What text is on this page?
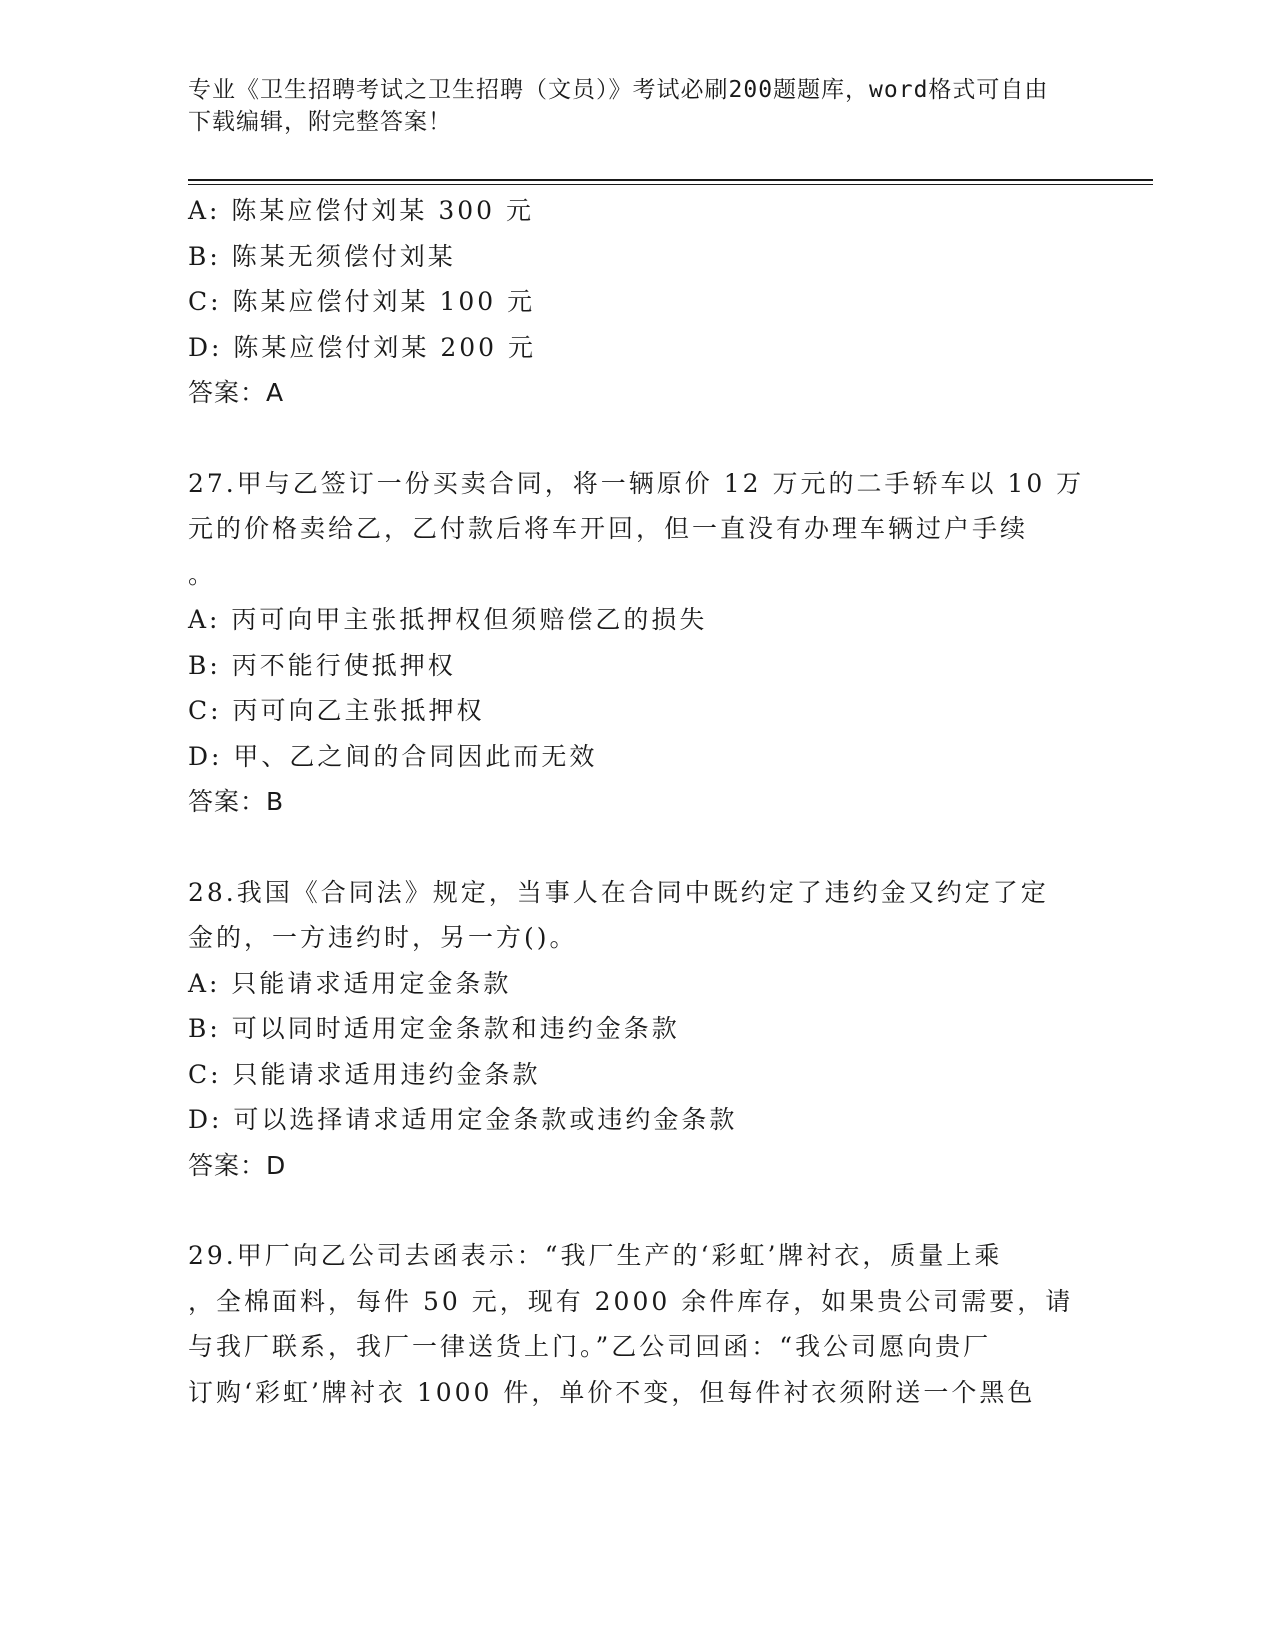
专业《卫生招聘考试之卫生招聘（文员）》考试必刷200题题库，word格式可自由下载编辑，附完整答案！
A: 陈某应偿付刘某 300 元
B: 陈某无须偿付刘某
C: 陈某应偿付刘某 100 元
D: 陈某应偿付刘某 200 元
答案：A
27.甲与乙签订一份买卖合同，将一辆原价 12 万元的二手轿车以 10 万
元的价格卖给乙，乙付款后将车开回，但一直没有办理车辆过户手续
。
A: 丙可向甲主张抵押权但须赔偿乙的损失
B: 丙不能行使抵押权
C: 丙可向乙主张抵押权
D: 甲、乙之间的合同因此而无效
答案：B
28.我国《合同法》规定，当事人在合同中既约定了违约金又约定了定
金的，一方违约时，另一方()。
A: 只能请求适用定金条款
B: 可以同时适用定金条款和违约金条款
C: 只能请求适用违约金条款
D: 可以选择请求适用定金条款或违约金条款
答案：D
29.甲厂向乙公司去函表示：“我厂生产的‘彩虹’牌衬衣，质量上乘
，全棉面料，每件 50 元，现有 2000 余件库存，如果贵公司需要，请
与我厂联系，我厂一律送货上门。”乙公司回函：“我公司愿向贵厂
订购‘彩虹’牌衬衣 1000 件，单价不变，但每件衬衣须附送一个黑色
